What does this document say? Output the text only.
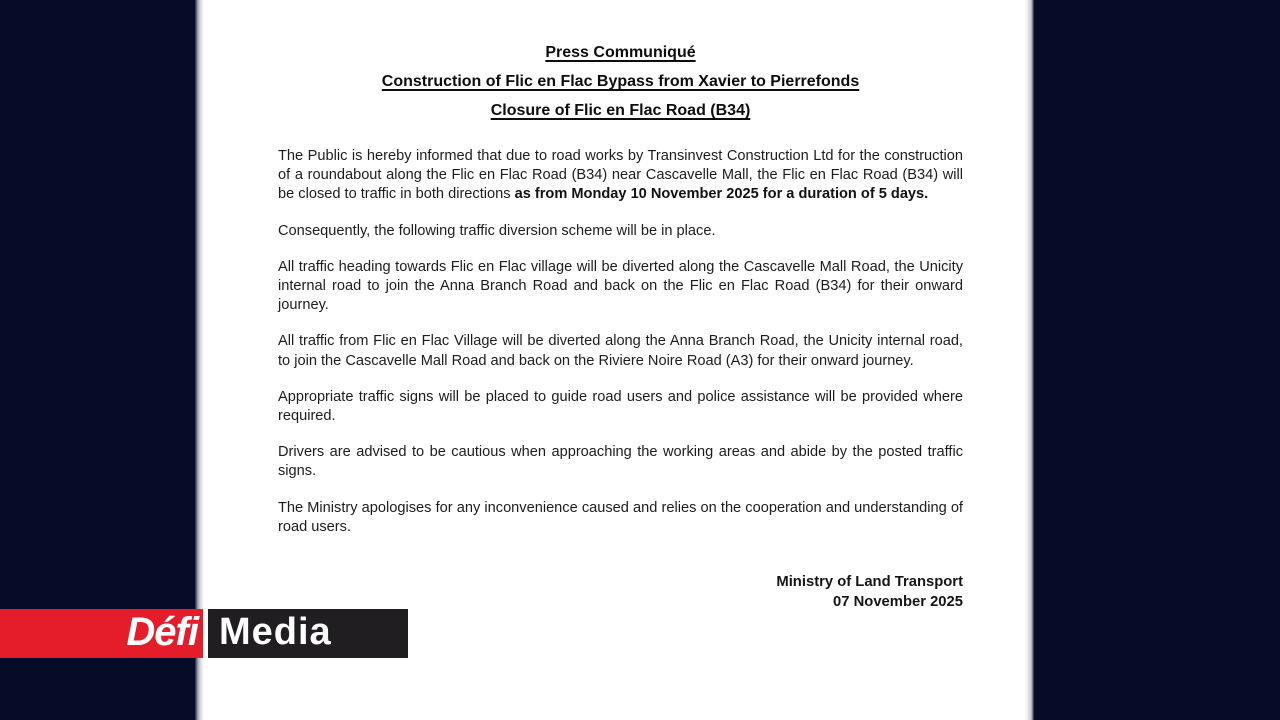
Press Communiqué
Construction of Flic en Flac Bypass from Xavier to Pierrefonds
Closure of Flic en Flac Road (B34)

The Public is hereby informed that due to road works by Transinvest Construction Ltd for the construction of a roundabout along the Flic en Flac Road (B34) near Cascavelle Mall, the Flic en Flac Road (B34) will be closed to traffic in both directions as from Monday 10 November 2025 for a duration of 5 days.

Consequently, the following traffic diversion scheme will be in place.

All traffic heading towards Flic en Flac village will be diverted along the Cascavelle Mall Road, the Unicity internal road to join the Anna Branch Road and back on the Flic en Flac Road (B34) for their onward journey.

All traffic from Flic en Flac Village will be diverted along the Anna Branch Road, the Unicity internal road, to join the Cascavelle Mall Road and back on the Riviere Noire Road (A3) for their onward journey.

Appropriate traffic signs will be placed to guide road users and police assistance will be provided where required.

Drivers are advised to be cautious when approaching the working areas and abide by the posted traffic signs.

The Ministry apologises for any inconvenience caused and relies on the cooperation and understanding of road users.

Ministry of Land Transport
07 November 2025
Défi Media
